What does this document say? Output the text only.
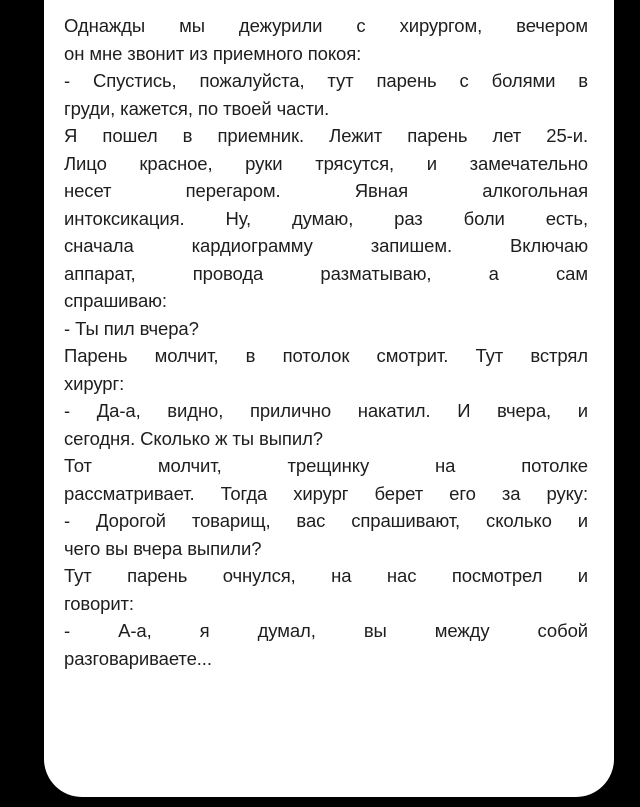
Однажды мы дежурили с хирургом, вечером
он мне звонит из приемного покоя:
- Спустись, пожалуйста, тут парень с болями в
груди, кажется, по твоей части.
Я пошел в приемник. Лежит парень лет 25-и.
Лицо красное, руки трясутся, и замечательно
несет перегаром. Явная алкогольная
интоксикация. Ну, думаю, раз боли есть,
сначала кардиограмму запишем. Включаю
аппарат, провода разматываю, а сам
спрашиваю:
- Ты пил вчера?
Парень молчит, в потолок смотрит. Тут встрял
хирург:
- Да-а, видно, прилично накатил. И вчера, и
сегодня. Сколько ж ты выпил?
Тот молчит, трещинку на потолке
рассматривает. Тогда хирург берет его за руку:
- Дорогой товарищ, вас спрашивают, сколько и
чего вы вчера выпили?
Тут парень очнулся, на нас посмотрел и
говорит:
- А-а, я думал, вы между собой
разговариваете...
